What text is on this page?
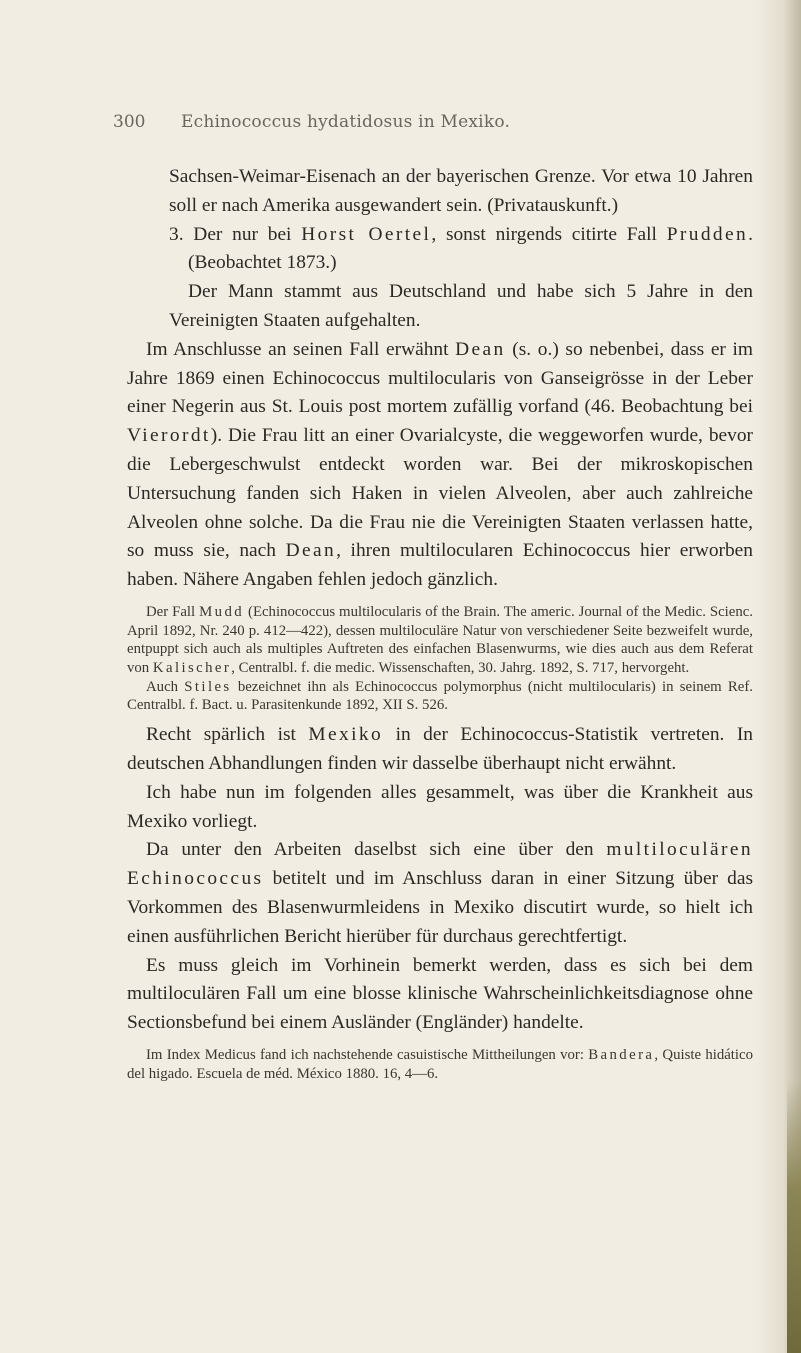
300 Echinococcus hydatidosus in Mexiko.

Sachsen-Weimar-Eisenach an der bayerischen Grenze. Vor etwa 10 Jahren soll er nach Amerika ausgewandert sein. (Privatauskunft.)

3. Der nur bei Horst Oertel, sonst nirgends citirte Fall Prudden. (Beobachtet 1873.)

Der Mann stammt aus Deutschland und habe sich 5 Jahre in den Vereinigten Staaten aufgehalten.

Im Anschlusse an seinen Fall erwähnt Dean (s. o.) so nebenbei, dass er im Jahre 1869 einen Echinococcus multilocularis von Ganseigrösse in der Leber einer Negerin aus St. Louis post mortem zufällig vorfand (46. Beobachtung bei Vierordt). Die Frau litt an einer Ovarialcyste, die weggeworfen wurde, bevor die Lebergeschwulst entdeckt worden war. Bei der mikroskopischen Untersuchung fanden sich Haken in vielen Alveolen, aber auch zahlreiche Alveolen ohne solche. Da die Frau nie die Vereinigten Staaten verlassen hatte, so muss sie, nach Dean, ihren multilocularen Echinococcus hier erworben haben. Nähere Angaben fehlen jedoch gänzlich.

Der Fall Mudd (Echinococcus multilocularis of the Brain. The americ. Journal of the Medic. Scienc. April 1892, Nr. 240 p. 412—422), dessen multiloculäre Natur von verschiedener Seite bezweifelt wurde, entpuppt sich auch als multiples Auftreten des einfachen Blasenwurms, wie dies auch aus dem Referat von Kalischer, Centralbl. f. die medic. Wissenschaften, 30. Jahrg. 1892, S. 717, hervorgeht.

Auch Stiles bezeichnet ihn als Echinococcus polymorphus (nicht multilocularis) in seinem Ref. Centralbl. f. Bact. u. Parasitenkunde 1892, XII S. 526.

Recht spärlich ist Mexiko in der Echinococcus-Statistik vertreten. In deutschen Abhandlungen finden wir dasselbe überhaupt nicht erwähnt.

Ich habe nun im folgenden alles gesammelt, was über die Krankheit aus Mexiko vorliegt.

Da unter den Arbeiten daselbst sich eine über den multiloculären Echinococcus betitelt und im Anschluss daran in einer Sitzung über das Vorkommen des Blasenwurmleidens in Mexiko discutirt wurde, so hielt ich einen ausführlichen Bericht hierüber für durchaus gerechtfertigt.

Es muss gleich im Vorhinein bemerkt werden, dass es sich bei dem multiloculären Fall um eine blosse klinische Wahrscheinlichkeitsdiagnose ohne Sectionsbefund bei einem Ausländer (Engländer) handelte.

Im Index Medicus fand ich nachstehende casuistische Mittheilungen vor: Bandera, Quiste hidático del higado. Escuela de méd. México 1880. 16, 4—6.
